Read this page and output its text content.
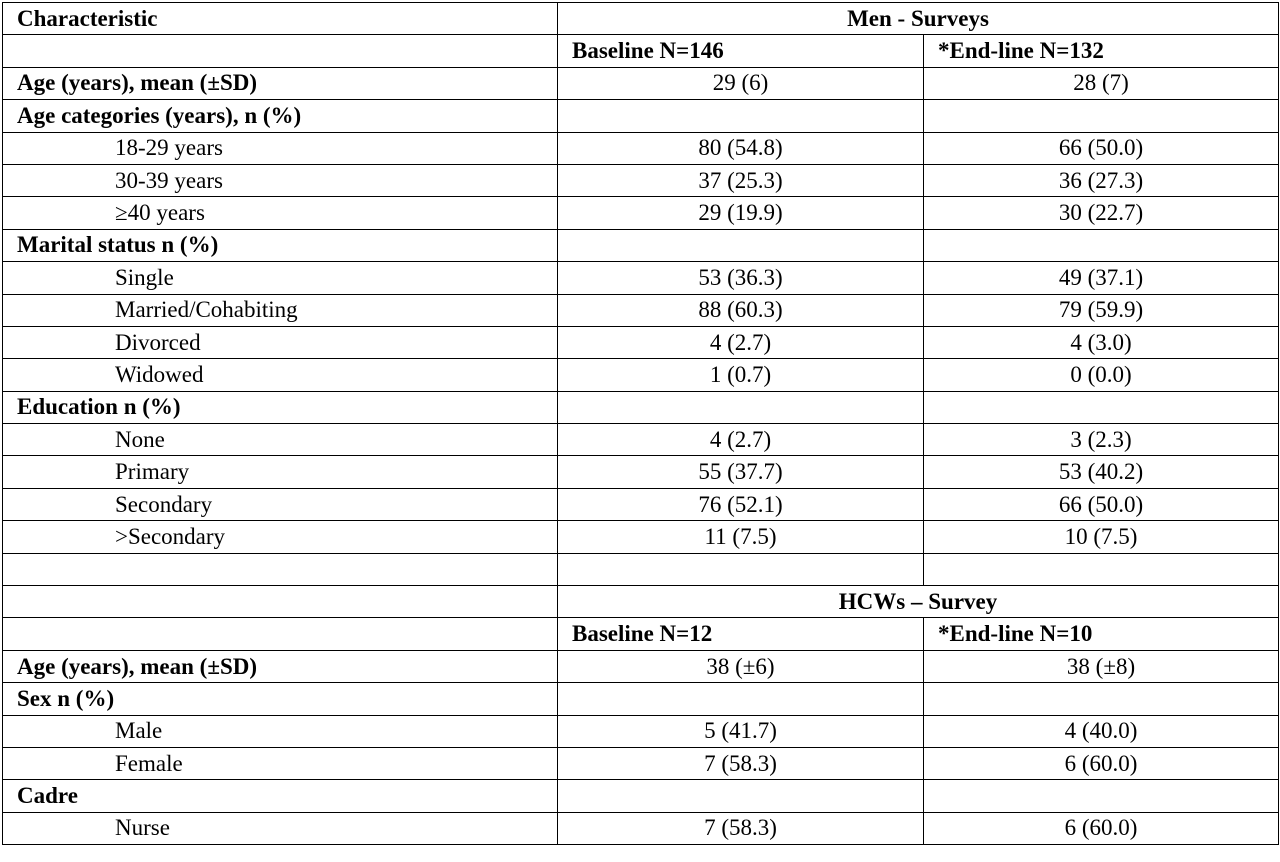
Characteristic	Men - Surveys	
	Baseline N=146	*End-line N=132
Age (years), mean (±SD)	29 (6)	28 (7)
Age categories (years), n (%)		
18-29 years	80 (54.8)	66 (50.0)
30-39 years	37 (25.3)	36 (27.3)
≥40 years	29 (19.9)	30 (22.7)
Marital status n (%)		
Single	53 (36.3)	49 (37.1)
Married/Cohabiting	88 (60.3)	79 (59.9)
Divorced	4 (2.7)	4 (3.0)
Widowed	1 (0.7)	0 (0.0)
Education n (%)		
None	4 (2.7)	3 (2.3)
Primary	55 (37.7)	53 (40.2)
Secondary	76 (52.1)	66 (50.0)
>Secondary	11 (7.5)	10 (7.5)

	HCWs – Survey	
	Baseline N=12	*End-line N=10
Age (years), mean (±SD)	38 (±6)	38 (±8)
Sex n (%)		
Male	5 (41.7)	4 (40.0)
Female	7 (58.3)	6 (60.0)
Cadre		
Nurse	7 (58.3)	6 (60.0)
